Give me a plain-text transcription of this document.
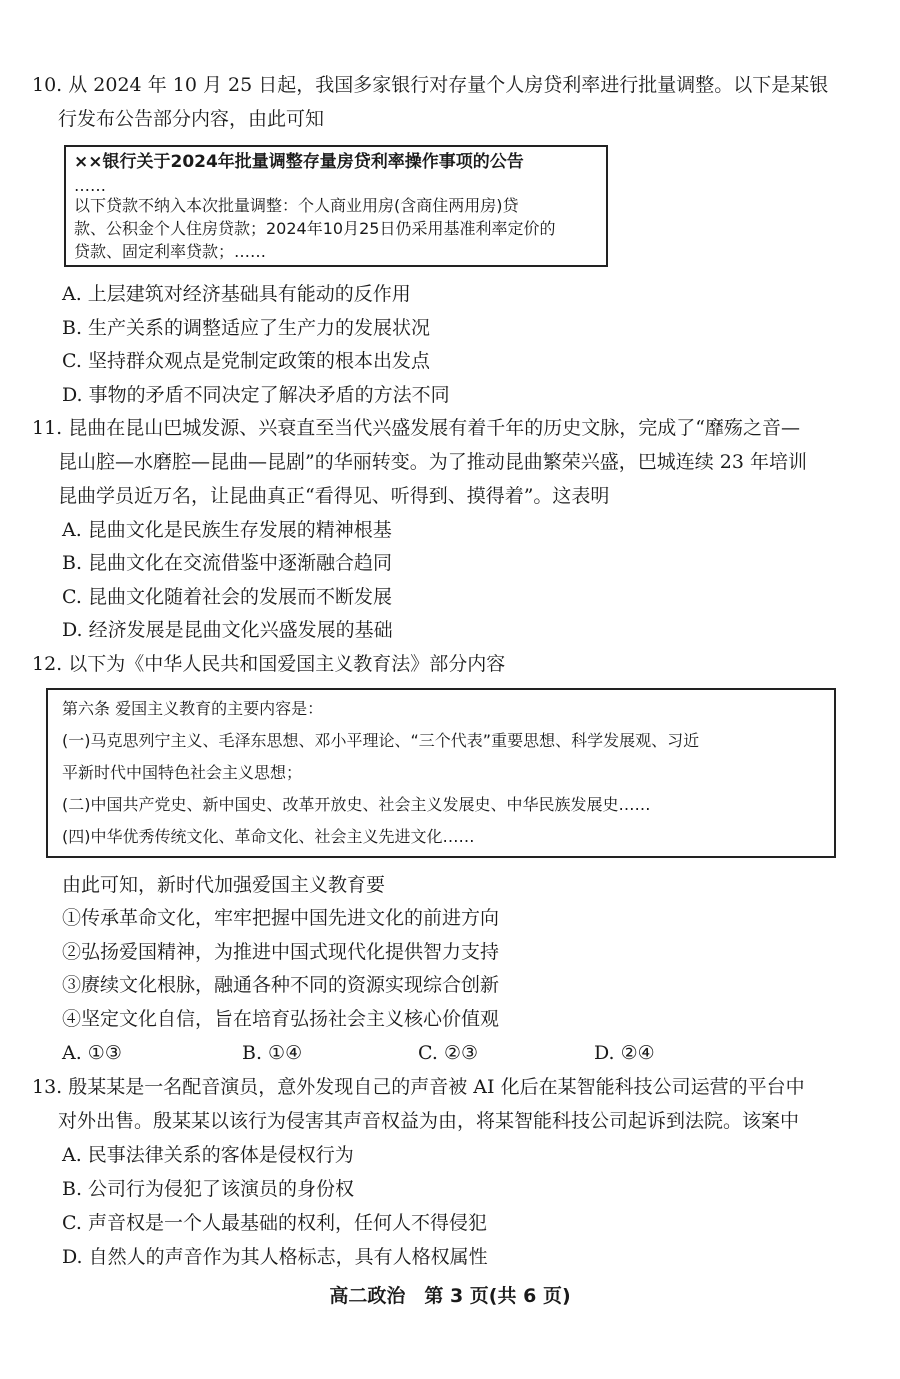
10. 从 2024 年 10 月 25 日起，我国多家银行对存量个人房贷利率进行批量调整。以下是某银
行发布公告部分内容，由此可知
××银行关于2024年批量调整存量房贷利率操作事项的公告
……
以下贷款不纳入本次批量调整：个人商业用房(含商住两用房)贷
款、公积金个人住房贷款；2024年10月25日仍采用基准利率定价的
贷款、固定利率贷款；……
A. 上层建筑对经济基础具有能动的反作用
B. 生产关系的调整适应了生产力的发展状况
C. 坚持群众观点是党制定政策的根本出发点
D. 事物的矛盾不同决定了解决矛盾的方法不同
11. 昆曲在昆山巴城发源、兴衰直至当代兴盛发展有着千年的历史文脉，完成了“靡殇之音—
昆山腔—水磨腔—昆曲—昆剧”的华丽转变。为了推动昆曲繁荣兴盛，巴城连续 23 年培训
昆曲学员近万名，让昆曲真正“看得见、听得到、摸得着”。这表明
A. 昆曲文化是民族生存发展的精神根基
B. 昆曲文化在交流借鉴中逐渐融合趋同
C. 昆曲文化随着社会的发展而不断发展
D. 经济发展是昆曲文化兴盛发展的基础
12. 以下为《中华人民共和国爱国主义教育法》部分内容
第六条 爱国主义教育的主要内容是：
(一)马克思列宁主义、毛泽东思想、邓小平理论、“三个代表”重要思想、科学发展观、习近
平新时代中国特色社会主义思想；
(二)中国共产党史、新中国史、改革开放史、社会主义发展史、中华民族发展史……
(四)中华优秀传统文化、革命文化、社会主义先进文化……
由此可知，新时代加强爱国主义教育要
①传承革命文化，牢牢把握中国先进文化的前进方向
②弘扬爱国精神，为推进中国式现代化提供智力支持
③赓续文化根脉，融通各种不同的资源实现综合创新
④坚定文化自信，旨在培育弘扬社会主义核心价值观
A. ①③	B. ①④	C. ②③	D. ②④
13. 殷某某是一名配音演员，意外发现自己的声音被 AI 化后在某智能科技公司运营的平台中
对外出售。殷某某以该行为侵害其声音权益为由，将某智能科技公司起诉到法院。该案中
A. 民事法律关系的客体是侵权行为
B. 公司行为侵犯了该演员的身份权
C. 声音权是一个人最基础的权利，任何人不得侵犯
D. 自然人的声音作为其人格标志，具有人格权属性
高二政治　第 3 页(共 6 页)
